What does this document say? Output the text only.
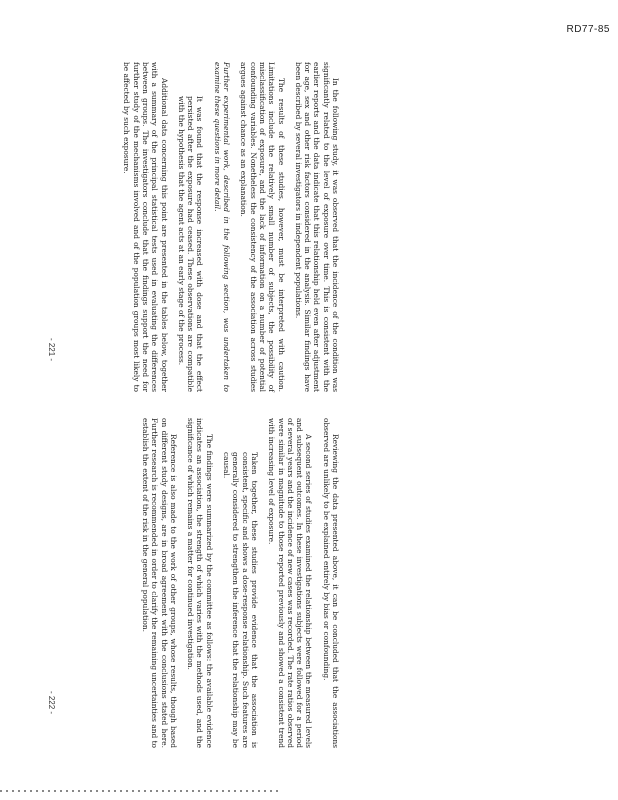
RD77-85

In the following study, it was observed that the incidence of the condition was significantly related to the level of exposure over time. This is consistent with the earlier reports and the data indicate that this relationship held even after adjustment for age, sex and other risk factors considered in the analysis. Similar findings have been described by several investigators in independent populations.

The results of these studies, however, must be interpreted with caution. Limitations include the relatively small number of subjects, the possibility of misclassification of exposure, and the lack of information on a number of potential confounding variables. Nonetheless the consistency of the association across studies argues against chance as an explanation.

Further experimental work, described in the following section, was undertaken to examine these questions in more detail.

It was found that the response increased with dose and that the effect persisted after the exposure had ceased. These observations are compatible with the hypothesis that the agent acts at an early stage of the process.

Additional data concerning this point are presented in the tables below, together with a summary of the principal statistical tests used in evaluating the differences between groups. The investigators conclude that the findings support the need for further study of the mechanisms involved and of the population groups most likely to be affected by such exposure.

- 221 -

Reviewing the data presented above, it can be concluded that the associations observed are unlikely to be explained entirely by bias or confounding.

A second series of studies examined the relationship between the measured levels and subsequent outcomes. In these investigations subjects were followed for a period of several years and the incidence of new cases was recorded. The rate ratios observed were similar in magnitude to those reported previously and showed a consistent trend with increasing level of exposure.

Taken together, these studies provide evidence that the association is consistent, specific and shows a dose-response relationship. Such features are generally considered to strengthen the inference that the relationship may be causal.

The findings were summarized by the committee as follows: the available evidence indicates an association, the strength of which varies with the methods used, and the significance of which remains a matter for continued investigation.

Reference is also made to the work of other groups, whose results, though based on different study designs, are in broad agreement with the conclusions stated here. Further research is recommended in order to clarify the remaining uncertainties and to establish the extent of the risk in the general population.

- 222 -
